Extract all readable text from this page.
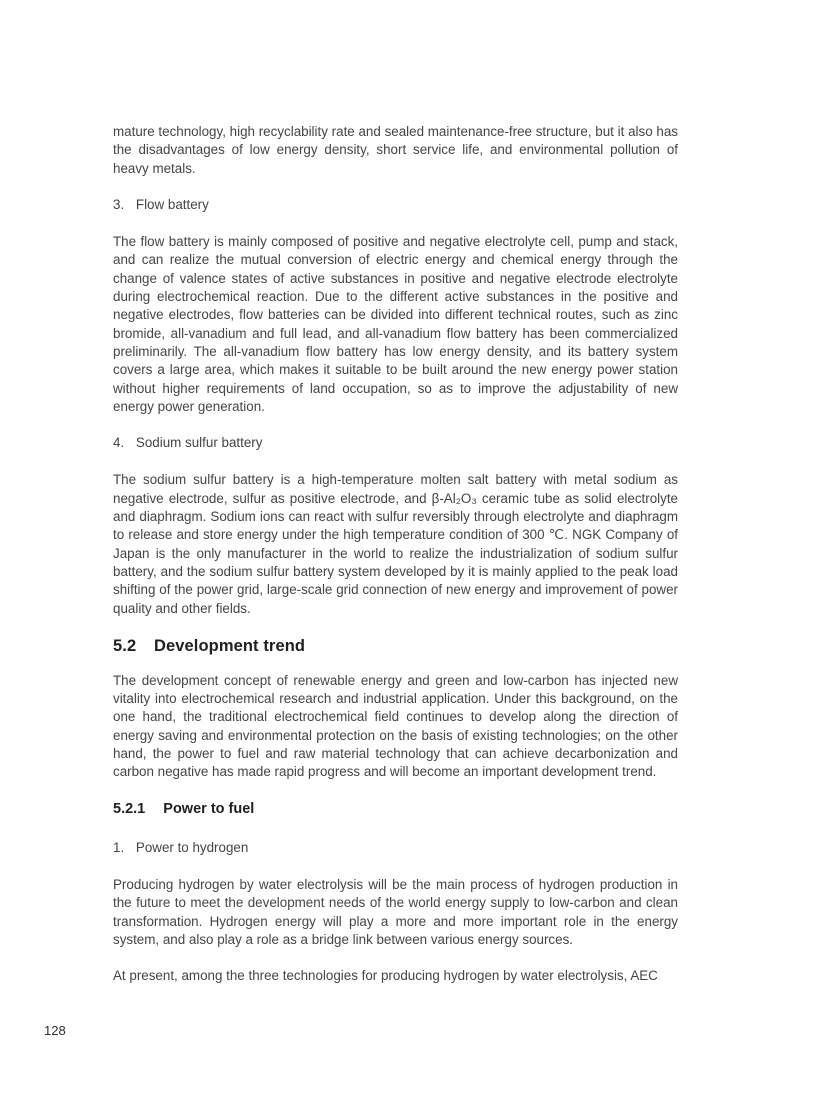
mature technology, high recyclability rate and sealed maintenance-free structure, but it also has the disadvantages of low energy density, short service life, and environmental pollution of heavy metals.

3. Flow battery

The flow battery is mainly composed of positive and negative electrolyte cell, pump and stack, and can realize the mutual conversion of electric energy and chemical energy through the change of valence states of active substances in positive and negative electrode electrolyte during electrochemical reaction. Due to the different active substances in the positive and negative electrodes, flow batteries can be divided into different technical routes, such as zinc bromide, all-vanadium and full lead, and all-vanadium flow battery has been commercialized preliminarily. The all-vanadium flow battery has low energy density, and its battery system covers a large area, which makes it suitable to be built around the new energy power station without higher requirements of land occupation, so as to improve the adjustability of new energy power generation.

4. Sodium sulfur battery

The sodium sulfur battery is a high-temperature molten salt battery with metal sodium as negative electrode, sulfur as positive electrode, and β-Al₂O₃ ceramic tube as solid electrolyte and diaphragm. Sodium ions can react with sulfur reversibly through electrolyte and diaphragm to release and store energy under the high temperature condition of 300 ℃. NGK Company of Japan is the only manufacturer in the world to realize the industrialization of sodium sulfur battery, and the sodium sulfur battery system developed by it is mainly applied to the peak load shifting of the power grid, large-scale grid connection of new energy and improvement of power quality and other fields.

5.2 Development trend

The development concept of renewable energy and green and low-carbon has injected new vitality into electrochemical research and industrial application. Under this background, on the one hand, the traditional electrochemical field continues to develop along the direction of energy saving and environmental protection on the basis of existing technologies; on the other hand, the power to fuel and raw material technology that can achieve decarbonization and carbon negative has made rapid progress and will become an important development trend.

5.2.1 Power to fuel

1. Power to hydrogen

Producing hydrogen by water electrolysis will be the main process of hydrogen production in the future to meet the development needs of the world energy supply to low-carbon and clean transformation. Hydrogen energy will play a more and more important role in the energy system, and also play a role as a bridge link between various energy sources.

At present, among the three technologies for producing hydrogen by water electrolysis, AEC

128
